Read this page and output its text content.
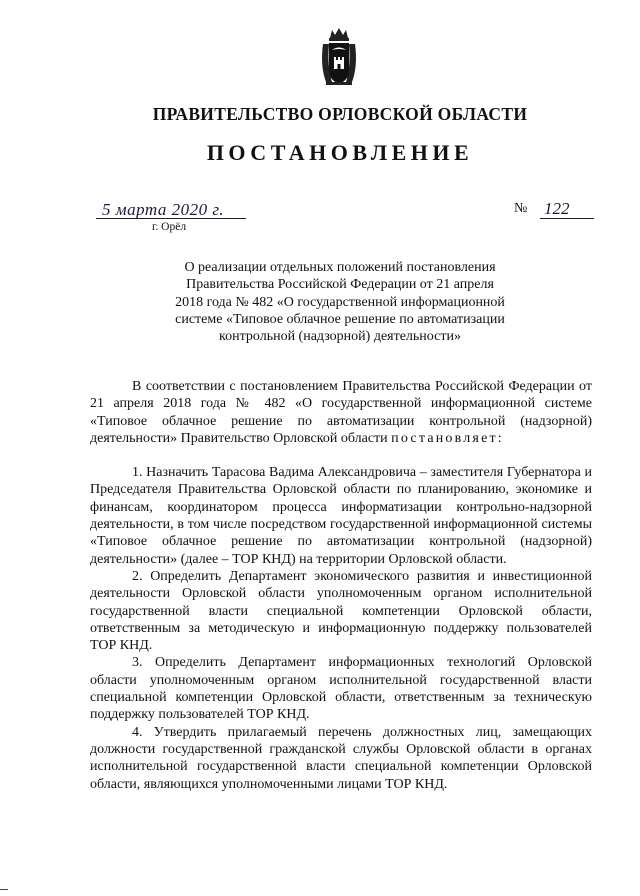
ПРАВИТЕЛЬСТВО ОРЛОВСКОЙ ОБЛАСТИ
ПОСТАНОВЛЕНИЕ
5 марта 2020 г.
г. Орёл
№ 122
О реализации отдельных положений постановления
Правительства Российской Федерации от 21 апреля
2018 года № 482 «О государственной информационной
системе «Типовое облачное решение по автоматизации
контрольной (надзорной) деятельности»

В соответствии с постановлением Правительства Российской Федерации от 21 апреля 2018 года № 482 «О государственной информационной системе «Типовое облачное решение по автоматизации контрольной (надзорной) деятельности» Правительство Орловской области постановляет:

1. Назначить Тарасова Вадима Александровича – заместителя Губернатора и Председателя Правительства Орловской области по планированию, экономике и финансам, координатором процесса информатизации контрольно-надзорной деятельности, в том числе посредством государственной информационной системы «Типовое облачное решение по автоматизации контрольной (надзорной) деятельности» (далее – ТОР КНД) на территории Орловской области.

2. Определить Департамент экономического развития и инвестиционной деятельности Орловской области уполномоченным органом исполнительной государственной власти специальной компетенции Орловской области, ответственным за методическую и информационную поддержку пользователей ТОР КНД.

3. Определить Департамент информационных технологий Орловской области уполномоченным органом исполнительной государственной власти специальной компетенции Орловской области, ответственным за техническую поддержку пользователей ТОР КНД.

4. Утвердить прилагаемый перечень должностных лиц, замещающих должности государственной гражданской службы Орловской области в органах исполнительной государственной власти специальной компетенции Орловской области, являющихся уполномоченными лицами ТОР КНД.
